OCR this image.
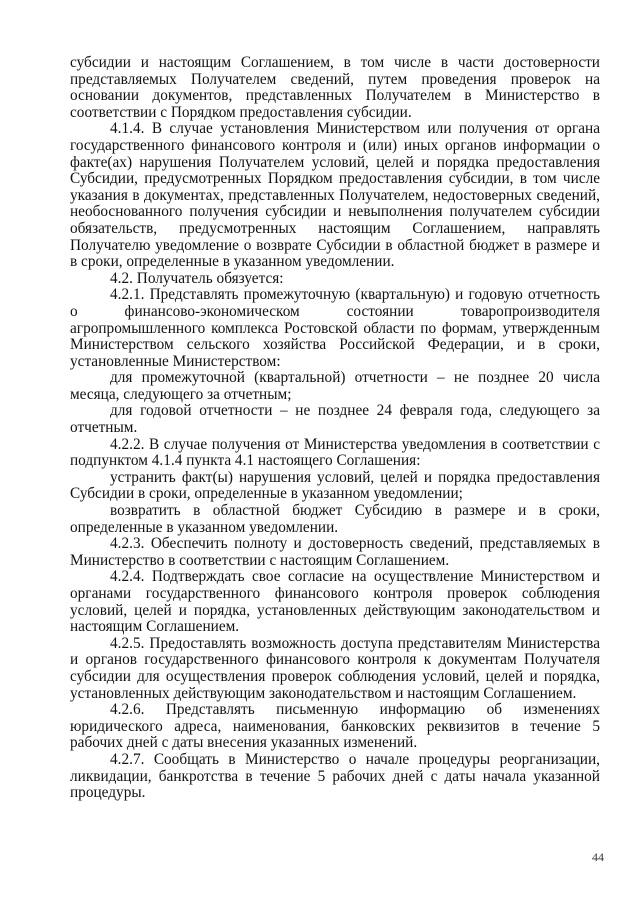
субсидии и настоящим Соглашением, в том числе в части достоверности представляемых Получателем сведений, путем проведения проверок на основании документов, представленных Получателем в Министерство в соответствии с Порядком предоставления субсидии.

4.1.4. В случае установления Министерством или получения от органа государственного финансового контроля и (или) иных органов информации о факте(ах) нарушения Получателем условий, целей и порядка предоставления Субсидии, предусмотренных Порядком предоставления субсидии, в том числе указания в документах, представленных Получателем, недостоверных сведений, необоснованного получения субсидии и невыполнения получателем субсидии обязательств, предусмотренных настоящим Соглашением, направлять Получателю уведомление о возврате Субсидии в областной бюджет в размере и в сроки, определенные в указанном уведомлении.

4.2. Получатель обязуется:

4.2.1. Представлять промежуточную (квартальную) и годовую отчетность о финансово-экономическом состоянии товаропроизводителя агропромышленного комплекса Ростовской области по формам, утвержденным Министерством сельского хозяйства Российской Федерации, и в сроки, установленные Министерством:

для промежуточной (квартальной) отчетности – не позднее 20 числа месяца, следующего за отчетным;

для годовой отчетности – не позднее 24 февраля года, следующего за отчетным.

4.2.2. В случае получения от Министерства уведомления в соответствии с подпунктом 4.1.4 пункта 4.1 настоящего Соглашения:

устранить факт(ы) нарушения условий, целей и порядка предоставления Субсидии в сроки, определенные в указанном уведомлении;

возвратить в областной бюджет Субсидию в размере и в сроки, определенные в указанном уведомлении.

4.2.3. Обеспечить полноту и достоверность сведений, представляемых в Министерство в соответствии с настоящим Соглашением.

4.2.4. Подтверждать свое согласие на осуществление Министерством и органами государственного финансового контроля проверок соблюдения условий, целей и порядка, установленных действующим законодательством и настоящим Соглашением.

4.2.5. Предоставлять возможность доступа представителям Министерства и органов государственного финансового контроля к документам Получателя субсидии для осуществления проверок соблюдения условий, целей и порядка, установленных действующим законодательством и настоящим Соглашением.

4.2.6. Представлять письменную информацию об изменениях юридического адреса, наименования, банковских реквизитов в течение 5 рабочих дней с даты внесения указанных изменений.

4.2.7. Сообщать в Министерство о начале процедуры реорганизации, ликвидации, банкротства в течение 5 рабочих дней с даты начала указанной процедуры.

44
